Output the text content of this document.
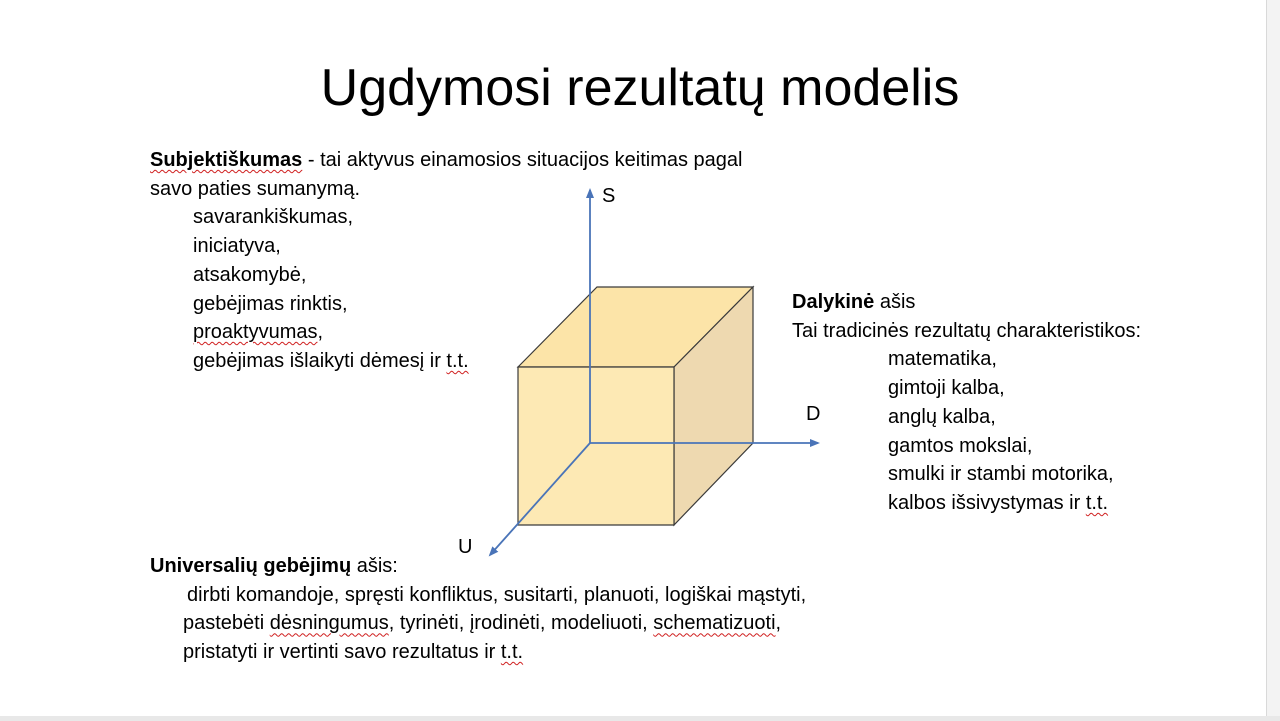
Ugdymosi rezultatų modelis
S
D
U
Subjektiškumas - tai aktyvus einamosios situacijos keitimas pagal
savo paties sumanymą.
savarankiškumas,
iniciatyva,
atsakomybė,
gebėjimas rinktis,
proaktyvumas,
gebėjimas išlaikyti dėmesį ir t.t.
Dalykinė ašis
Tai tradicinės rezultatų charakteristikos:
matematika,
gimtoji kalba,
anglų kalba,
gamtos mokslai,
smulki ir stambi motorika,
kalbos išsivystymas ir t.t.
Universalių gebėjimų ašis:
dirbti komandoje, spręsti konfliktus, susitarti, planuoti, logiškai mąstyti,
pastebėti dėsningumus, tyrinėti, įrodinėti, modeliuoti, schematizuoti,
pristatyti ir vertinti savo rezultatus ir t.t.
